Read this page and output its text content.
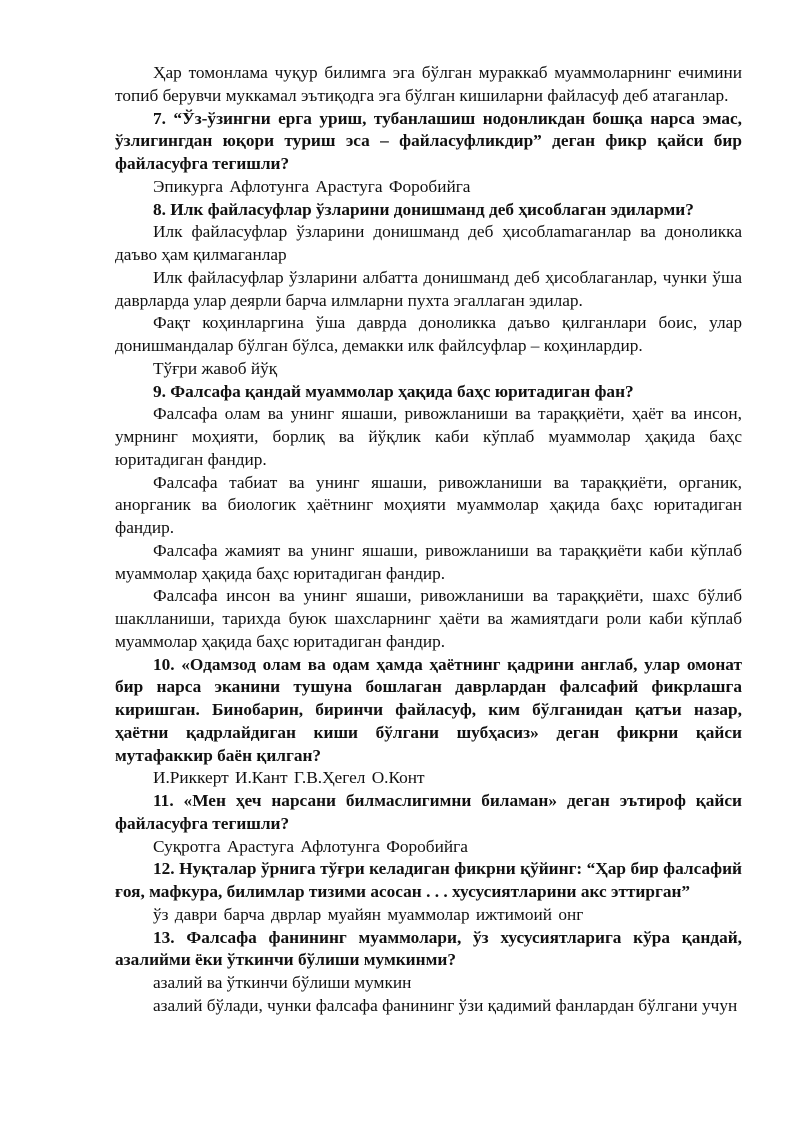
Ҳар томонлама чуқур билимга эга бўлган мураккаб муаммоларнинг ечимини топиб берувчи муккамал эътиқодга эга бўлган кишиларни файласуф деб атаганлар.

7. “Ўз-ўзингни ерга уриш, тубанлашиш нодонликдан бошқа нарса эмас, ўзлигингдан юқори туриш эса – файласуфликдир” деган фикр қайси бир файласуфга тегишли?

Эпикурга Афлотунга Арастуга Форобийга

8. Илк файласуфлар ўзларини донишманд деб ҳисоблаган эдиларми?

Илк файласуфлар ўзларини донишманд деб ҳисоблаmaганлар ва доноликка даъво ҳам қилмаганлар

Илк файласуфлар ўзларини албатта донишманд деб ҳисоблаганлар, чунки ўша даврларда улар деярли барча илмларни пухта эгаллаган эдилар.

Фақт коҳинларгина ўша даврда доноликка даъво қилганлари боис, улар донишмандалар бўлган бўлса, демакки илк файлсуфлар – коҳинлардир.

Тўғри жавоб йўқ

9. Фалсафа қандай муаммолар ҳақида баҳс юритадиган фан?

Фалсафа олам ва унинг яшаши, ривожланиши ва тараққиёти, ҳаёт ва инсон, умрнинг моҳияти, борлиқ ва йўқлик каби кўплаб муаммолар ҳақида баҳс юритадиган фандир.

Фалсафа табиат ва унинг яшаши, ривожланиши ва тараққиёти, органик, анорганик ва биологик ҳаётнинг моҳияти муаммолар ҳақида баҳс юритадиган фандир.

Фалсафа жамият ва унинг яшаши, ривожланиши ва тараққиёти каби кўплаб муаммолар ҳақида баҳс юритадиган фандир.

Фалсафа инсон ва унинг яшаши, ривожланиши ва тараққиёти, шахс бўлиб шаклланиши, тарихда буюк шахсларнинг ҳаёти ва жамиятдаги роли каби кўплаб муаммолар ҳақида баҳс юритадиган фандир.

10. «Одамзод олам ва одам ҳамда ҳаётнинг қадрини англаб, улар омонат бир нарса эканини тушуна бошлаган даврлардан фалсафий фикрлашга киришган. Бинобарин, биринчи файласуф, ким бўлганидан қатъи назар, ҳаётни қадрлайдиган киши бўлгани шубҳасиз» деган фикрни қайси мутафаккир баён қилган?

И.Риккерт И.Кант Г.В.Ҳегел О.Конт

11. «Мен ҳеч нарсани билмаслигимни биламан» деган эътироф қайси файласуфга тегишли?

Суқротга Арастуга Афлотунга Форобийга

12. Нуқталар ўрнига тўғри келадиган фикрни қўйинг: “Ҳар бир фалсафий ғоя, мафкура, билимлар тизими асосан . . . хусусиятларини акс эттирган”

ўз даври барча дврлар муайян муаммолар ижтимоий онг

13. Фалсафа фанининг муаммолари, ўз хусусиятларига кўра қандай, азалийми ёки ўткинчи бўлиши мумкинми?

азалий ва ўткинчи бўлиши мумкин

азалий бўлади, чунки фалсафа фанининг ўзи қадимий фанлардан бўлгани учун
